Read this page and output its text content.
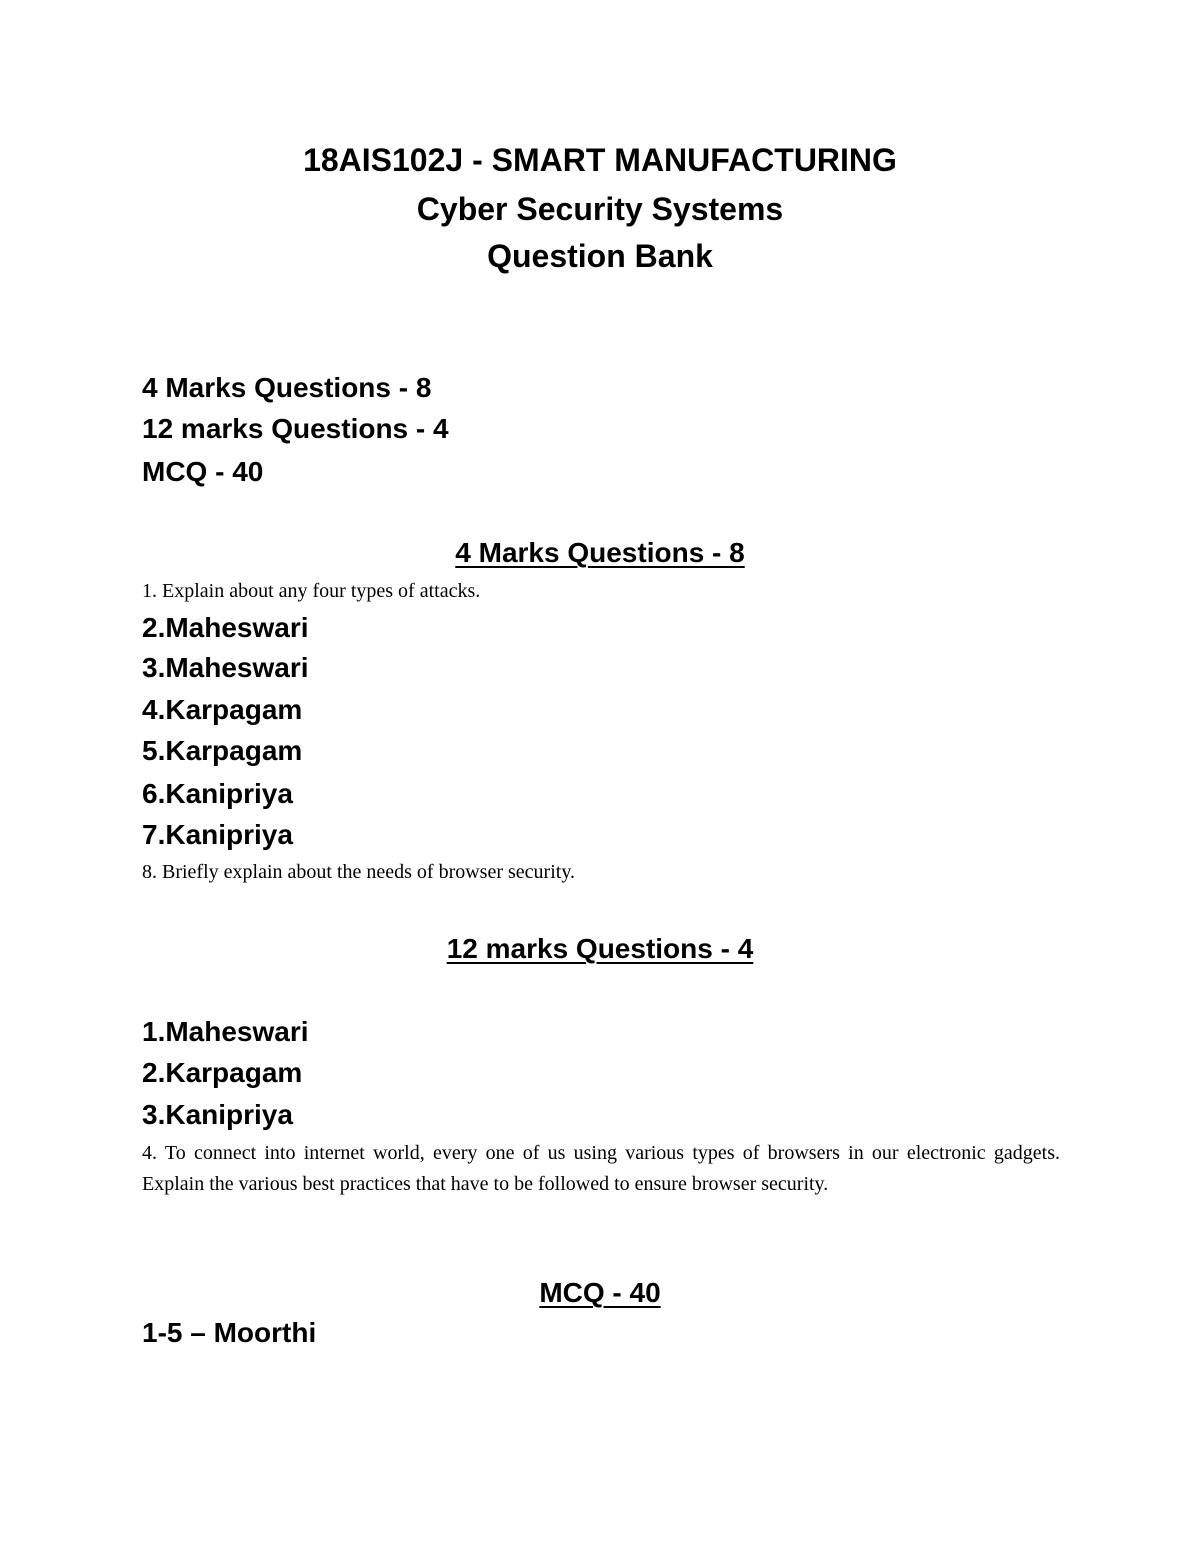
18AIS102J - SMART MANUFACTURING
Cyber Security Systems
Question Bank
4 Marks Questions - 8
12 marks Questions - 4
MCQ - 40
4 Marks Questions - 8
1. Explain about any four types of attacks.
2.Maheswari
3.Maheswari
4.Karpagam
5.Karpagam
6.Kanipriya
7.Kanipriya
8. Briefly explain about the needs of browser security.
12 marks Questions - 4
1.Maheswari
2.Karpagam
3.Kanipriya
4. To connect into internet world, every one of us using various types of browsers in our electronic gadgets. Explain the various best practices that have to be followed to ensure browser security.
MCQ - 40
1-5 – Moorthi
